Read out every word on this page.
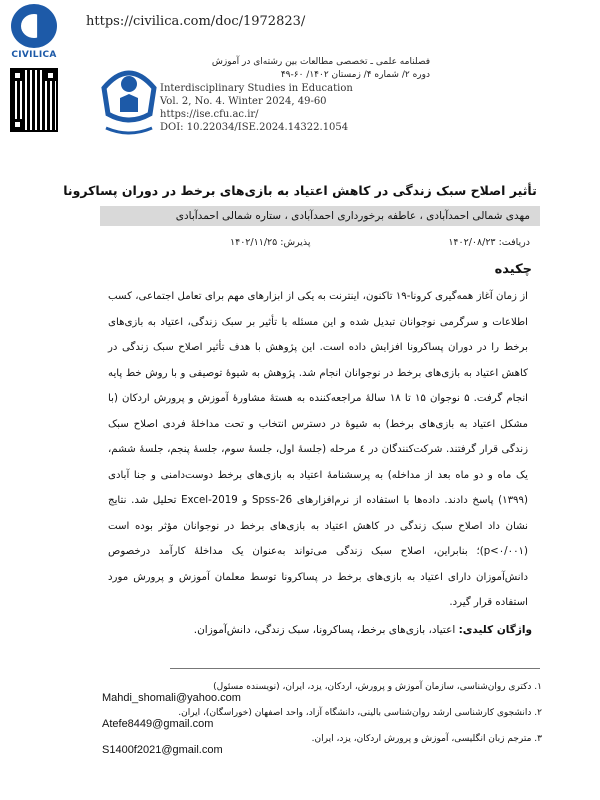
CIVILICA
https://civilica.com/doc/1972823/
فصلنامه علمی ـ تخصصی مطالعات بین رشته‌ای در آموزش
دوره ۲/ شماره ۴/ زمستان ۱۴۰۲/ ۶۰-۴۹
Interdisciplinary Studies in Education
Vol. 2, No. 4. Winter 2024, 49-60
https://ise.cfu.ac.ir/
DOI: 10.22034/ISE.2024.14322.1054
تأثیر اصلاح سبک زندگی در کاهش اعتیاد به بازی‌های برخط در دوران پساکرونا
مهدی شمالی احمدآبادی ، عاطفه برخورداری احمدآبادی ، ستاره شمالی احمدآبادی
دریافت: ۱۴۰۲/۰۸/۲۳
پذیرش: ۱۴۰۲/۱۱/۲۵
چکیده
از زمان آغاز همه‌گیری کرونا-۱۹ تاکنون، اینترنت به یکی از ابزارهای مهم برای تعامل اجتماعی، کسب اطلاعات و سرگرمی نوجوانان تبدیل شده و این مسئله با تأثیر بر سبک زندگی، اعتیاد به بازی‌های برخط را در دوران پساکرونا افزایش داده است. این پژوهش با هدف تأثیر اصلاح سبک زندگی در کاهش اعتیاد به بازی‌های برخط در نوجوانان انجام شد. پژوهش به شیوۀ توصیفی و با روش خط پایه انجام گرفت. ۵ نوجوان ۱۵ تا ۱۸ سالۀ مراجعه‌کننده به هستۀ مشاورۀ آموزش و پرورش اردکان (با مشکل اعتیاد به بازی‌های برخط) به شیوۀ در دسترس انتخاب و تحت مداخلۀ فردی اصلاح سبک زندگی قرار گرفتند. شرکت‌کنندگان در ٤ مرحله (جلسۀ اول، جلسۀ سوم، جلسۀ پنجم، جلسۀ ششم، یک ماه و دو ماه بعد از مداخله) به پرسشنامۀ اعتیاد به بازی‌های برخط دوست‌دامنی و جنا آبادی (۱۳۹۹) پاسخ دادند. داده‌ها با استفاده از نرم‌افزارهای Spss-26 و Excel-2019 تحلیل شد. نتایج نشان داد اصلاح سبک زندگی در کاهش اعتیاد به بازی‌های برخط در نوجوانان مؤثر بوده است (p<۰/۰۰۱)؛ بنابراین، اصلاح سبک زندگی می‌تواند به‌عنوان یک مداخلۀ کارآمد درخصوص دانش‌آموزان دارای اعتیاد به بازی‌های برخط در پساکرونا توسط معلمان آموزش و پرورش مورد استفاده قرار گیرد.
واژگان کلیدی: اعتیاد، بازی‌های برخط، پساکرونا، سبک زندگی، دانش‌آموزان.
۱. دکتری روان‌شناسی، سازمان آموزش و پرورش، اردکان، یزد، ایران، (نویسنده مسئول)
Mahdi_shomali@yahoo.com
۲. دانشجوی کارشناسی ارشد روان‌شناسی بالینی، دانشگاه آزاد، واحد اصفهان (خوراسگان)، ایران.
Atefe8449@gmail.com
۳. مترجم زبان انگلیسی، آموزش و پرورش اردکان، یزد، ایران.
S1400f2021@gmail.com
